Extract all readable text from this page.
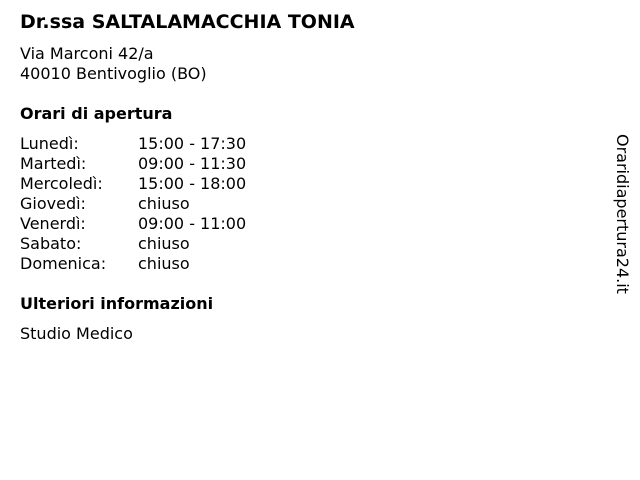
Dr.ssa SALTALAMACCHIA TONIA
Via Marconi 42/a
40010 Bentivoglio (BO)
Orari di apertura
Lunedì:	15:00 - 17:30
Martedì:	09:00 - 11:30
Mercoledì: 15:00 - 18:00
Giovedì:	chiuso
Venerdì:	09:00 - 11:00
Sabato:	chiuso
Domenica: chiuso
Ulteriori informazioni
Studio Medico
Oraridiapertura24.it
